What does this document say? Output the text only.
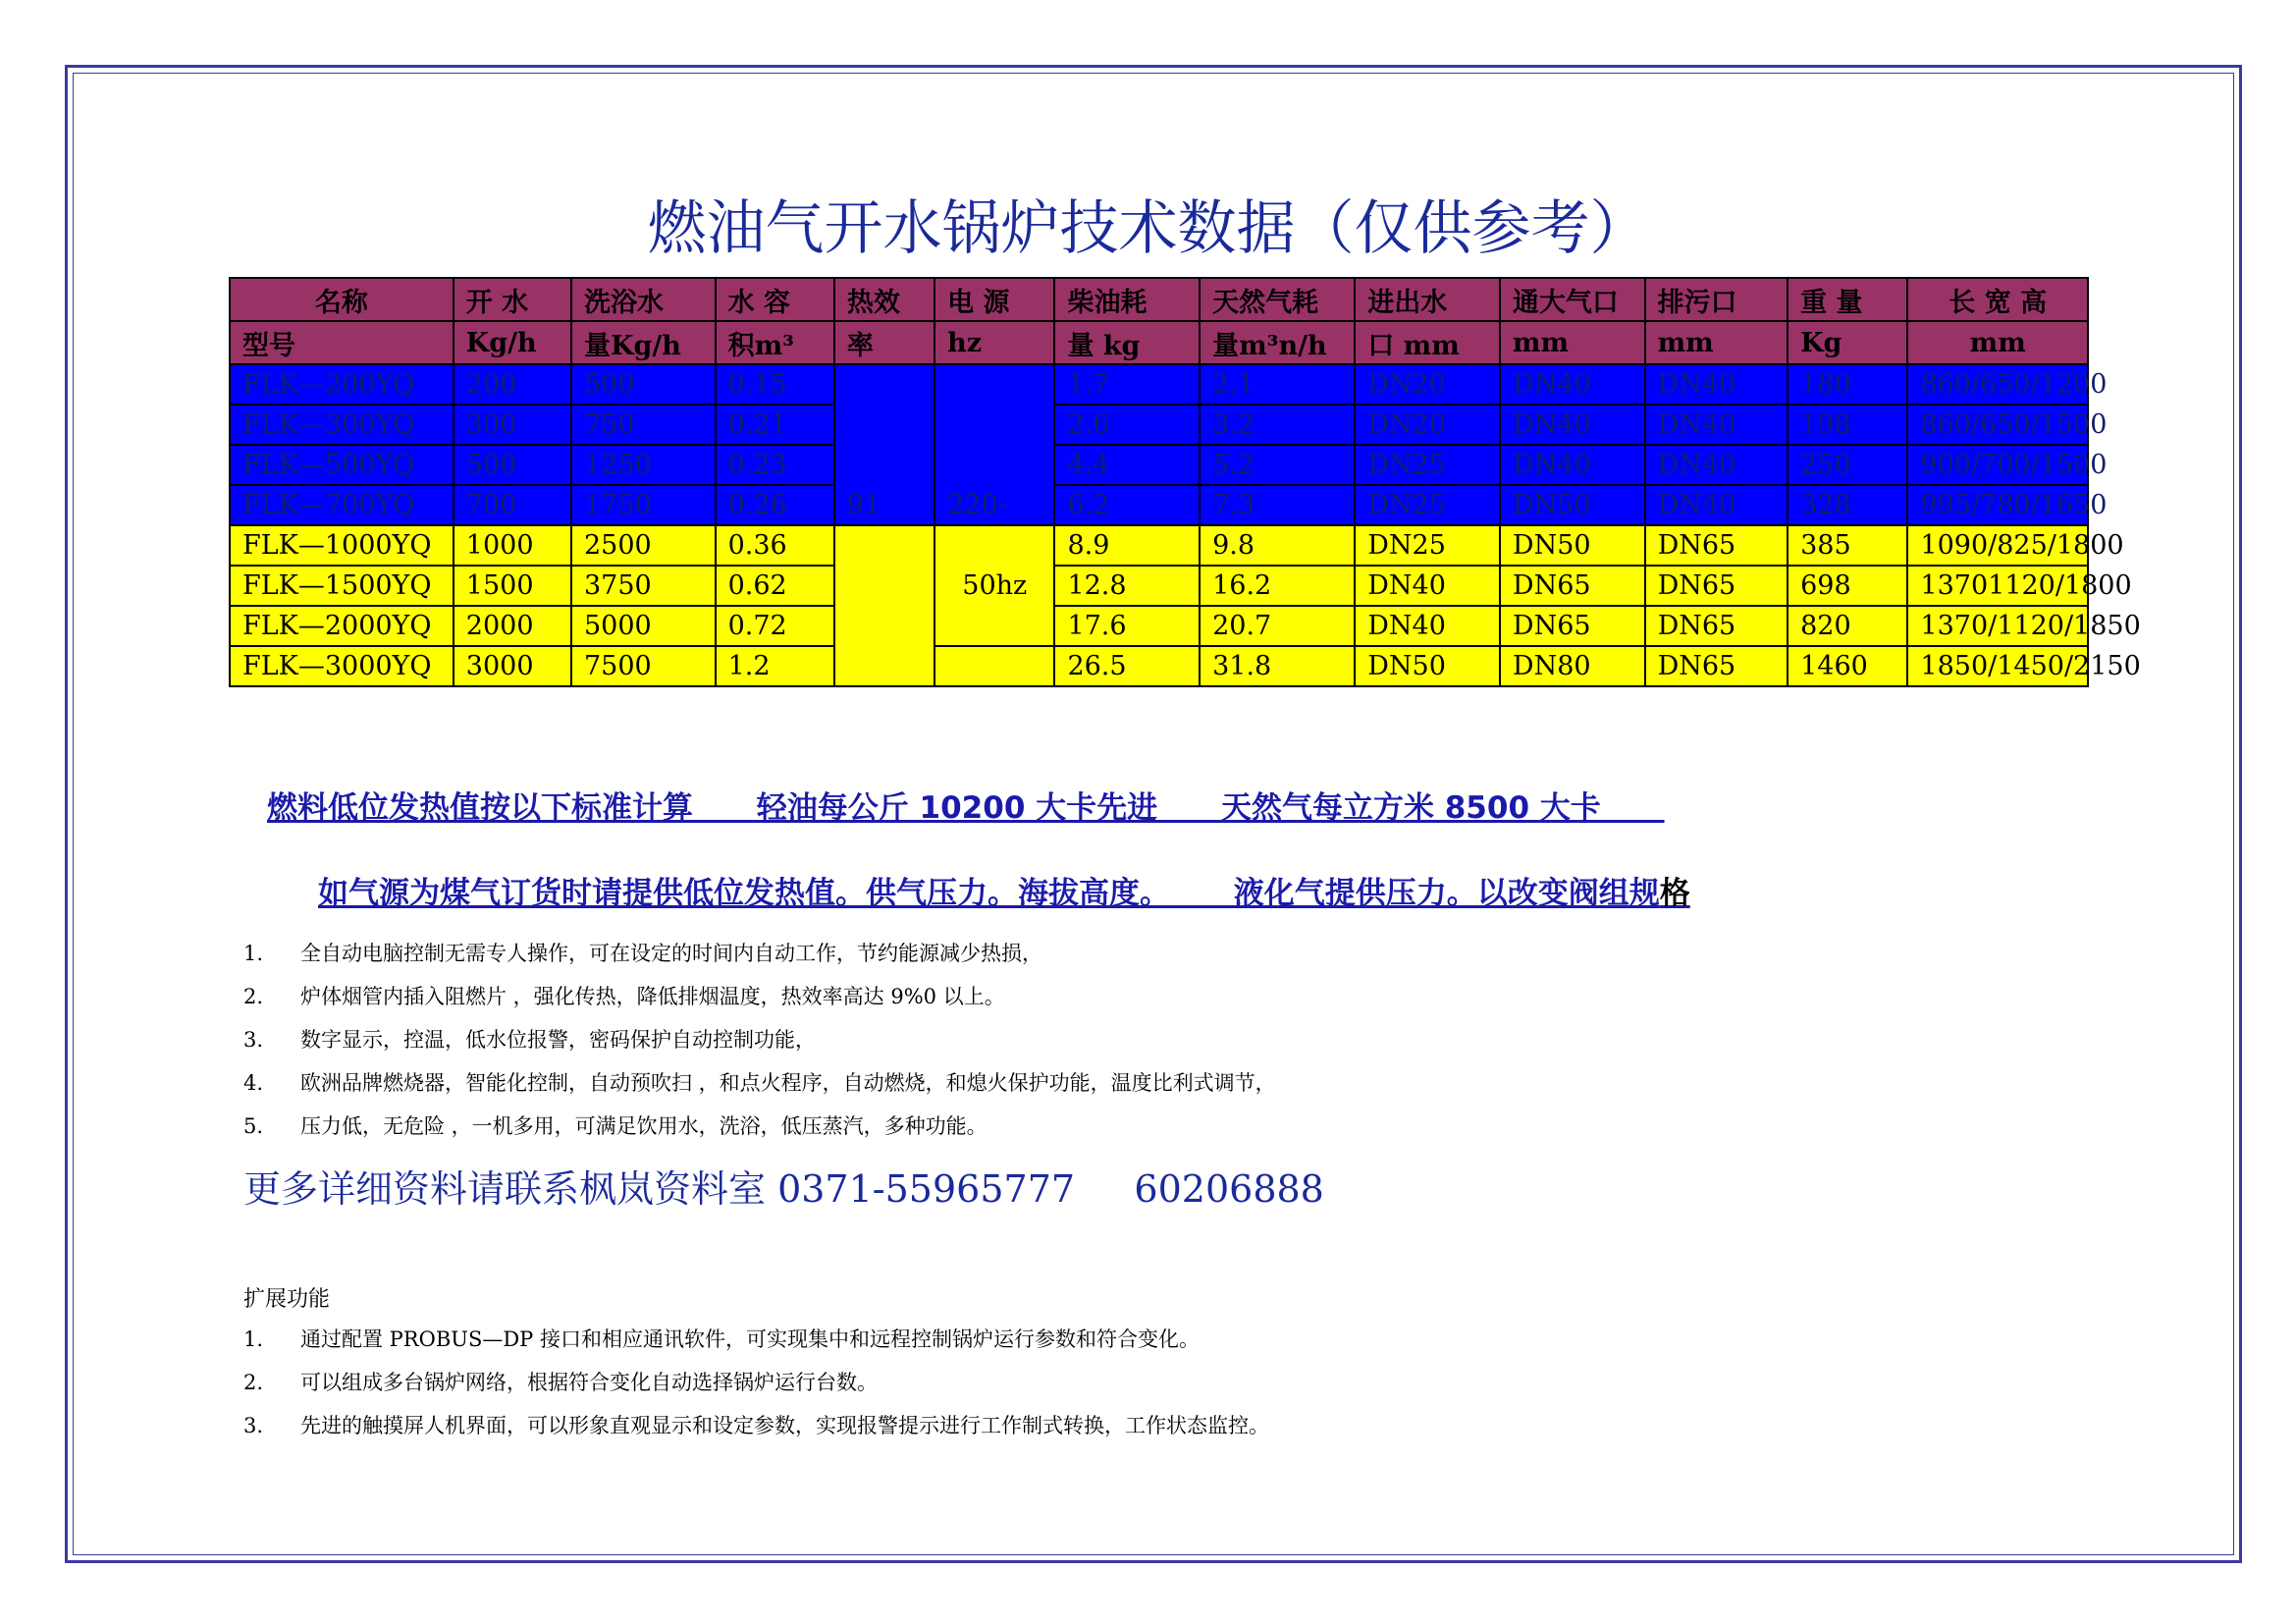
燃油气开水锅炉技术数据（仅供参考）
名称	开 水	洗浴水	水 容	热效	电 源	柴油耗	天然气耗	进出水	通大气口	排污口	重 量	长 宽 高
型号	Kg/h	量Kg/h	积m³	率	hz	量 kg	量m³n/h	口 mm	mm	mm	Kg	mm
FLK—200YQ	200	500	0.15	91	220-	1.7	2.1	DN20	DN40	DN40	180	860/650/1200
FLK—300YQ	300	750	0.21			2.6	3.2	DN20	DN40	DN40	198	860/650/1500
FLK—500YQ	500	1250	0.23			4.4	5.2	DN25	DN40	DN40	250	900/700/1500
FLK—700YQ	700	1750	0.26			6.2	7.3	DN25	DN50	DN40	328	995/780/1650
FLK—1000YQ	1000	2500	0.36		50hz	8.9	9.8	DN25	DN50	DN65	385	1090/825/1800
FLK—1500YQ	1500	3750	0.62			12.8	16.2	DN40	DN65	DN65	698	13701120/1800
FLK—2000YQ	2000	5000	0.72			17.6	20.7	DN40	DN65	DN65	820	1370/1120/1850
FLK—3000YQ	3000	7500	1.2			26.5	31.8	DN50	DN80	DN65	1460	1850/1450/2150
燃料低位发热值按以下标准计算      轻油每公斤 10200 大卡先进      天然气每立方米 8500 大卡
如气源为煤气订货时请提供低位发热值。供气压力。海拔高度。      液化气提供压力。以改变阀组规格
1. 全自动电脑控制无需专人操作，可在设定的时间内自动工作，节约能源减少热损，
2. 炉体烟管内插入阻燃片 ，强化传热，降低排烟温度，热效率高达 9%0 以上。
3. 数字显示，控温，低水位报警，密码保护自动控制功能，
4. 欧洲品牌燃烧器，智能化控制，自动预吹扫 ，和点火程序，自动燃烧，和熄火保护功能，温度比利式调节，
5. 压力低，无危险 ，一机多用，可满足饮用水，洗浴，低压蒸汽，多种功能。
更多详细资料请联系枫岚资料室 0371-55965777     60206888
扩展功能
1. 通过配置 PROBUS—DP 接口和相应通讯软件，可实现集中和远程控制锅炉运行参数和符合变化。
2. 可以组成多台锅炉网络，根据符合变化自动选择锅炉运行台数。
3. 先进的触摸屏人机界面，可以形象直观显示和设定参数，实现报警提示进行工作制式转换，工作状态监控。
